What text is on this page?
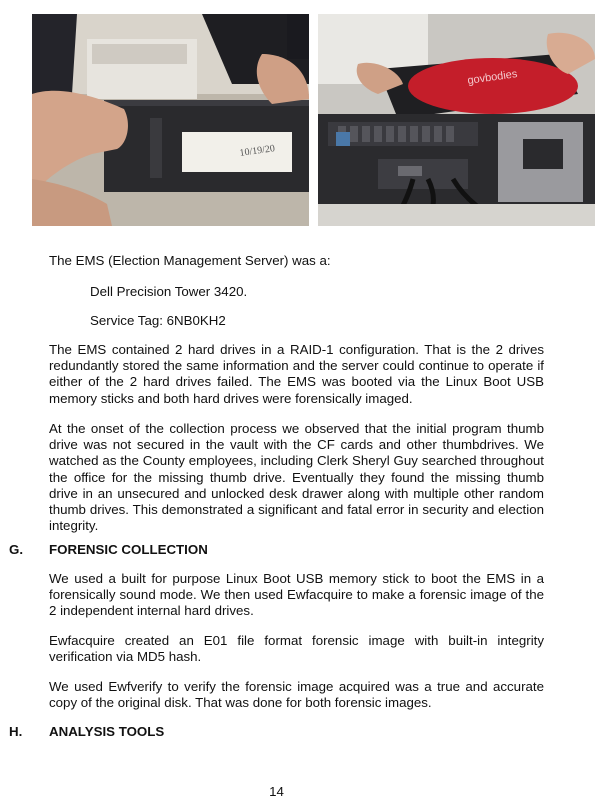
10/19/20
govbodies

The EMS (Election Management Server) was a:

Dell Precision Tower 3420.

Service Tag: 6NB0KH2

The EMS contained 2 hard drives in a RAID-1 configuration. That is the 2 drives redundantly stored the same information and the server could continue to operate if either of the 2 hard drives failed. The EMS was booted via the Linux Boot USB memory sticks and both hard drives were forensically imaged.

At the onset of the collection process we observed that the initial program thumb drive was not secured in the vault with the CF cards and other thumbdrives. We watched as the County employees, including Clerk Sheryl Guy searched throughout the office for the missing thumb drive. Eventually they found the missing thumb drive in an unsecured and unlocked desk drawer along with multiple other random thumb drives. This demonstrated a significant and fatal error in security and election integrity.

G. FORENSIC COLLECTION

We used a built for purpose Linux Boot USB memory stick to boot the EMS in a forensically sound mode. We then used Ewfacquire to make a forensic image of the 2 independent internal hard drives.

Ewfacquire created an E01 file format forensic image with built-in integrity verification via MD5 hash.

We used Ewfverify to verify the forensic image acquired was a true and accurate copy of the original disk. That was done for both forensic images.

H. ANALYSIS TOOLS
14
